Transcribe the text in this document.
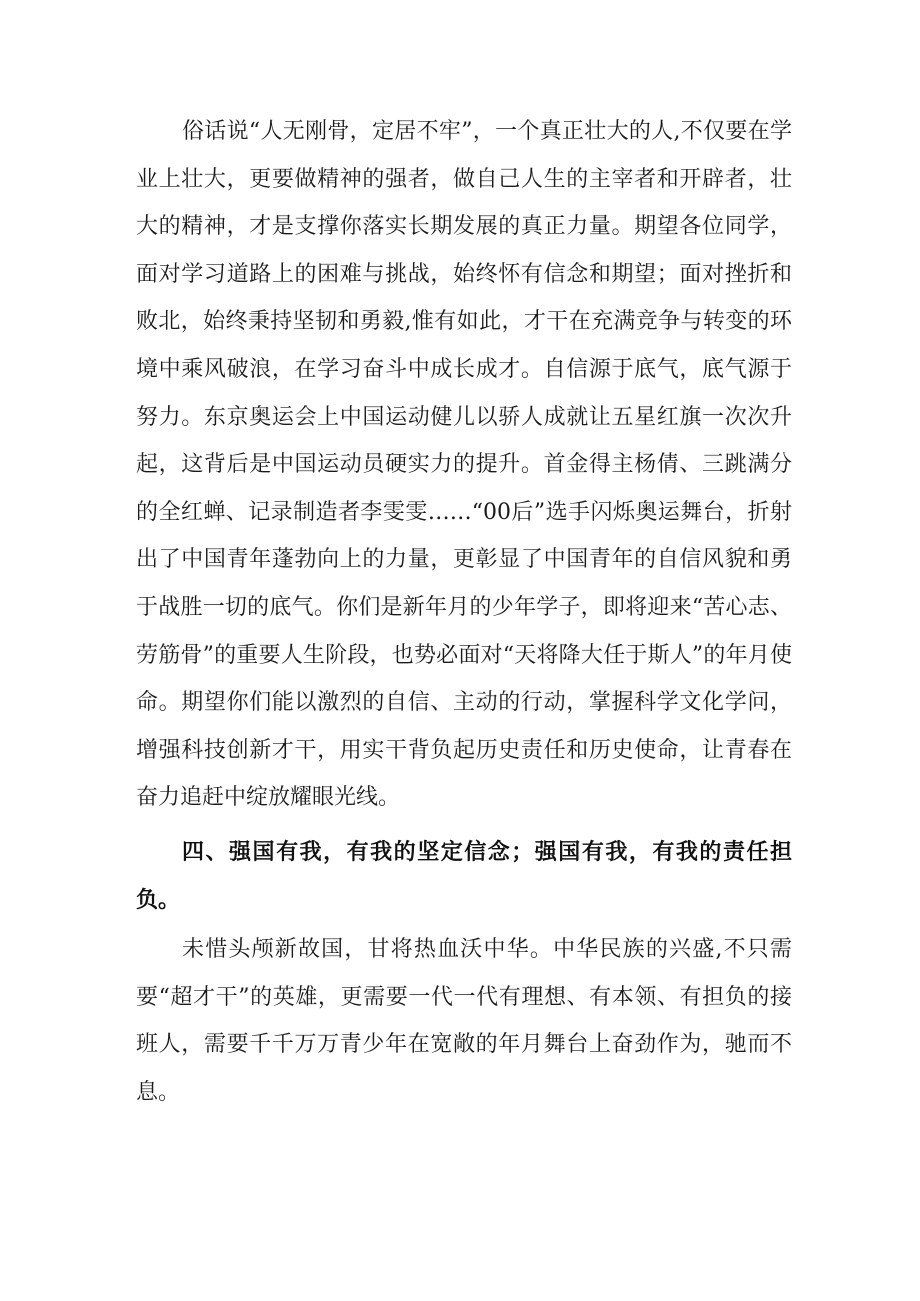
俗话说“人无刚骨，定居不牢”，一个真正壮大的人,不仅要在学业上壮大，更要做精神的强者，做自己人生的主宰者和开辟者，壮大的精神，才是支撑你落实长期发展的真正力量。期望各位同学，面对学习道路上的困难与挑战，始终怀有信念和期望；面对挫折和败北，始终秉持坚韧和勇毅,惟有如此，才干在充满竞争与转变的环境中乘风破浪，在学习奋斗中成长成才。自信源于底气，底气源于努力。东京奥运会上中国运动健儿以骄人成就让五星红旗一次次升起，这背后是中国运动员硬实力的提升。首金得主杨倩、三跳满分的全红蝉、记录制造者李雯雯……“00后”选手闪烁奥运舞台，折射出了中国青年蓬勃向上的力量，更彰显了中国青年的自信风貌和勇于战胜一切的底气。你们是新年月的少年学子，即将迎来“苦心志、劳筋骨”的重要人生阶段，也势必面对“天将降大任于斯人”的年月使命。期望你们能以激烈的自信、主动的行动，掌握科学文化学问，增强科技创新才干，用实干背负起历史责任和历史使命，让青春在奋力追赶中绽放耀眼光线。

四、强国有我，有我的坚定信念；强国有我，有我的责任担负。

未惜头颅新故国，甘将热血沃中华。中华民族的兴盛,不只需要“超才干”的英雄，更需要一代一代有理想、有本领、有担负的接班人，需要千千万万青少年在宽敞的年月舞台上奋劲作为，驰而不息。
